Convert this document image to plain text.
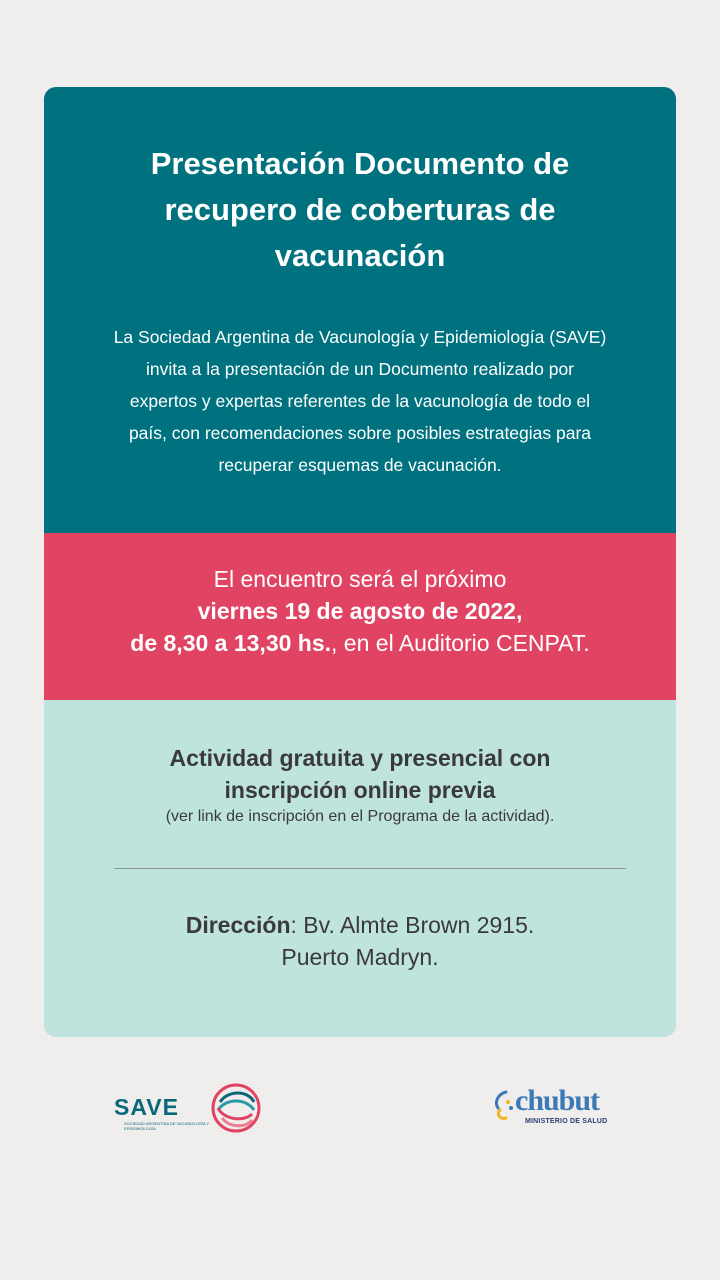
Presentación Documento de
recupero de coberturas de
vacunación

La Sociedad Argentina de Vacunología y Epidemiología (SAVE)
invita a la presentación de un Documento realizado por
expertos y expertas referentes de la vacunología de todo el
país, con recomendaciones sobre posibles estrategias para
recuperar esquemas de vacunación.

El encuentro será el próximo
viernes 19 de agosto de 2022,
de 8,30 a 13,30 hs., en el Auditorio CENPAT.

Actividad gratuita y presencial con
inscripción online previa

(ver link de inscripción en el Programa de la actividad).

Dirección: Bv. Almte Brown 2915.
Puerto Madryn.

SAVE

SOCIEDAD ARGENTINA DE VACUNOLOGÍA Y EPIDEMIOLOGÍA

chubut

MINISTERIO DE SALUD
